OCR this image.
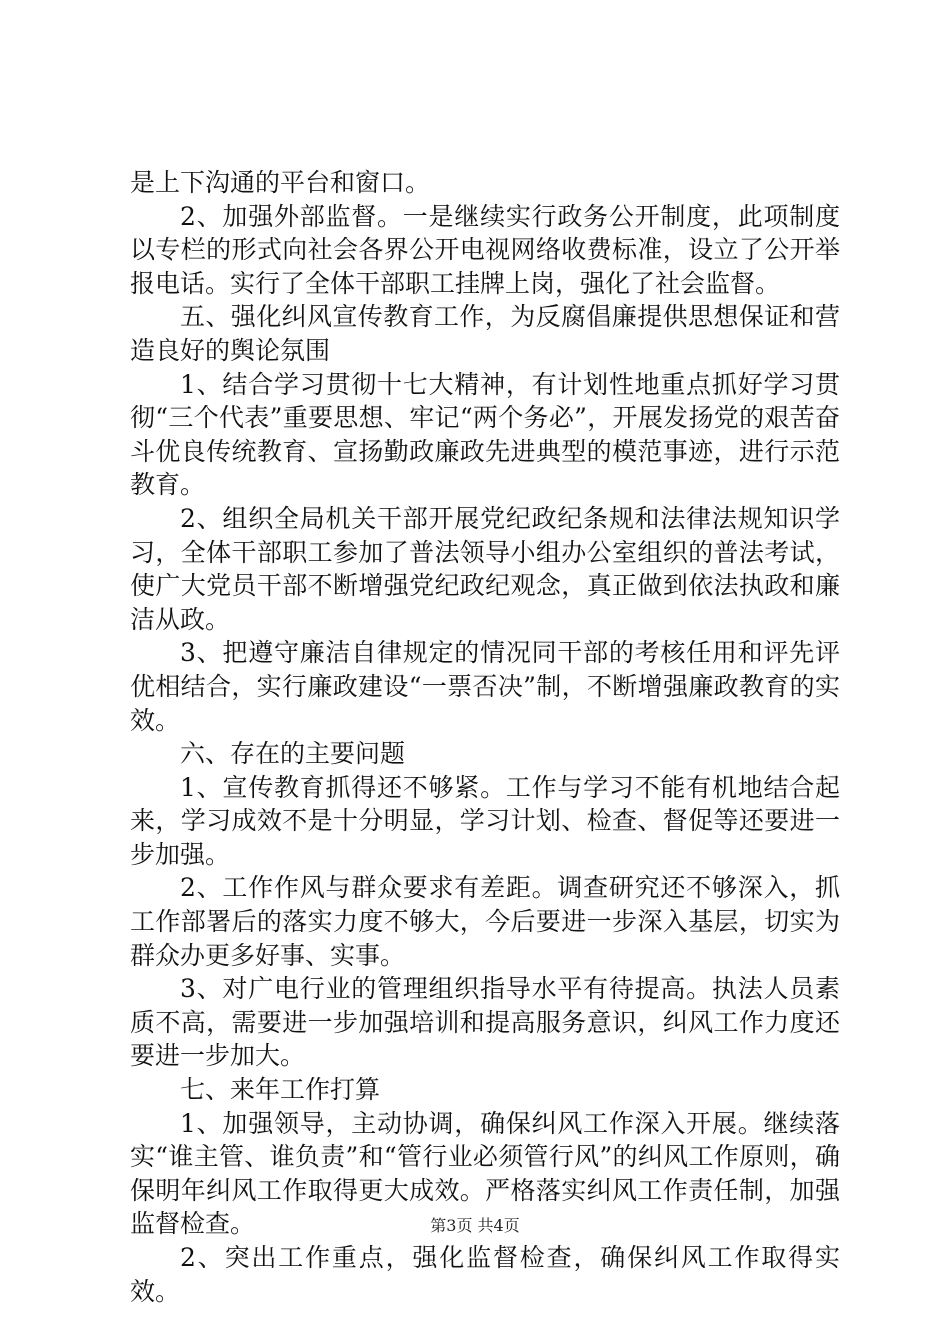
是上下沟通的平台和窗口。

2、加强外部监督。一是继续实行政务公开制度，此项制度以专栏的形式向社会各界公开电视网络收费标准，设立了公开举报电话。实行了全体干部职工挂牌上岗，强化了社会监督。

五、强化纠风宣传教育工作，为反腐倡廉提供思想保证和营造良好的舆论氛围

1、结合学习贯彻十七大精神，有计划性地重点抓好学习贯彻“三个代表”重要思想、牢记“两个务必”，开展发扬党的艰苦奋斗优良传统教育、宣扬勤政廉政先进典型的模范事迹，进行示范教育。

2、组织全局机关干部开展党纪政纪条规和法律法规知识学习，全体干部职工参加了普法领导小组办公室组织的普法考试，使广大党员干部不断增强党纪政纪观念，真正做到依法执政和廉洁从政。

3、把遵守廉洁自律规定的情况同干部的考核任用和评先评优相结合，实行廉政建设“一票否决”制，不断增强廉政教育的实效。

六、存在的主要问题

1、宣传教育抓得还不够紧。工作与学习不能有机地结合起来，学习成效不是十分明显，学习计划、检查、督促等还要进一步加强。

2、工作作风与群众要求有差距。调查研究还不够深入，抓工作部署后的落实力度不够大，今后要进一步深入基层，切实为群众办更多好事、实事。

3、对广电行业的管理组织指导水平有待提高。执法人员素质不高，需要进一步加强培训和提高服务意识，纠风工作力度还要进一步加大。

七、来年工作打算

1、加强领导，主动协调，确保纠风工作深入开展。继续落实“谁主管、谁负责”和“管行业必须管行风”的纠风工作原则，确保明年纠风工作取得更大成效。严格落实纠风工作责任制，加强监督检查。

2、突出工作重点，强化监督检查，确保纠风工作取得实效。

第3页 共4页
